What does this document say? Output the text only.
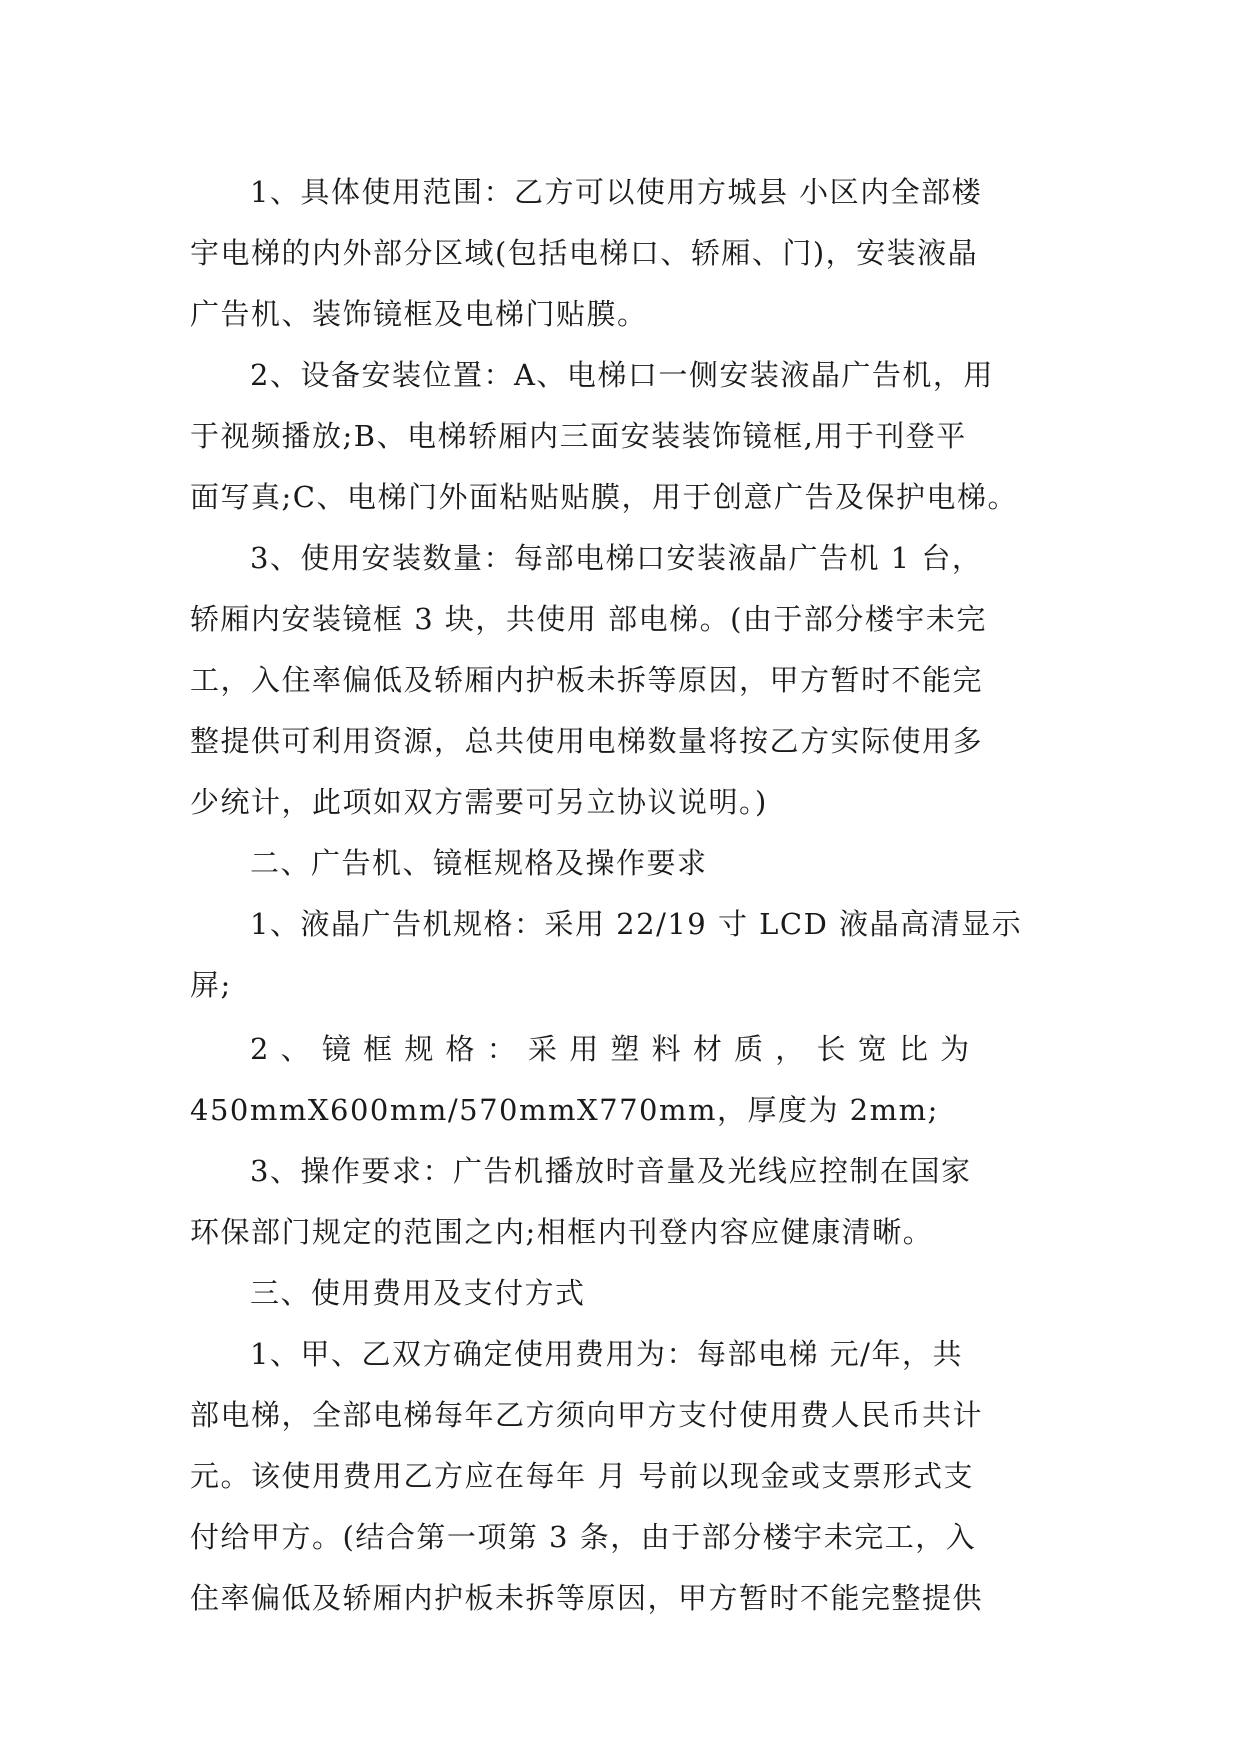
1、具体使用范围：乙方可以使用方城县 小区内全部楼
宇电梯的内外部分区域(包括电梯口、轿厢、门)，安装液晶
广告机、装饰镜框及电梯门贴膜。
2、设备安装位置：A、电梯口一侧安装液晶广告机，用
于视频播放;B、电梯轿厢内三面安装装饰镜框,用于刊登平
面写真;C、电梯门外面粘贴贴膜，用于创意广告及保护电梯。
3、使用安装数量：每部电梯口安装液晶广告机 1 台，
轿厢内安装镜框 3 块，共使用 部电梯。(由于部分楼宇未完
工，入住率偏低及轿厢内护板未拆等原因，甲方暂时不能完
整提供可利用资源，总共使用电梯数量将按乙方实际使用多
少统计，此项如双方需要可另立协议说明。)
二、广告机、镜框规格及操作要求
1、液晶广告机规格：采用 22/19 寸 LCD 液晶高清显示
屏;
2 、 镜 框 规 格 ： 采 用 塑 料 材 质 ， 长 宽 比 为
450mmX600mm/570mmX770mm，厚度为 2mm;
3、操作要求：广告机播放时音量及光线应控制在国家
环保部门规定的范围之内;相框内刊登内容应健康清晰。
三、使用费用及支付方式
1、甲、乙双方确定使用费用为：每部电梯 元/年，共
部电梯，全部电梯每年乙方须向甲方支付使用费人民币共计
元。该使用费用乙方应在每年 月 号前以现金或支票形式支
付给甲方。(结合第一项第 3 条，由于部分楼宇未完工，入
住率偏低及轿厢内护板未拆等原因，甲方暂时不能完整提供
